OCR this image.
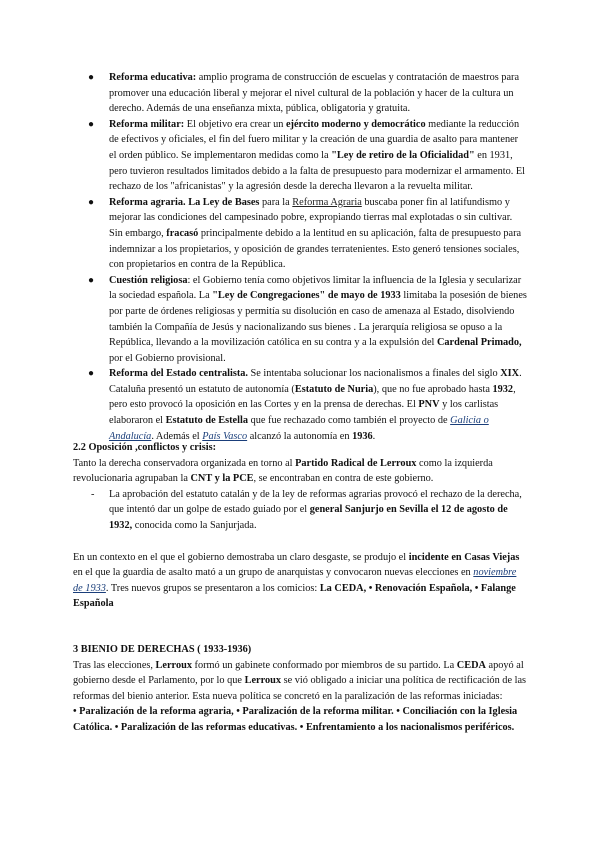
● Reforma educativa: amplio programa de construcción de escuelas y contratación de maestros para promover una educación liberal y mejorar el nivel cultural de la población y hacer de la cultura un derecho. Además de una enseñanza mixta, pública, obligatoria y gratuita.
● Reforma militar: El objetivo era crear un ejército moderno y democrático mediante la reducción de efectivos y oficiales, el fin del fuero militar y la creación de una guardia de asalto para mantener el orden público. Se implementaron medidas como la "Ley de retiro de la Oficialidad" en 1931, pero tuvieron resultados limitados debido a la falta de presupuesto para modernizar el armamento. El rechazo de los "africanistas" y la agresión desde la derecha llevaron a la revuelta militar.
● Reforma agraria. La Ley de Bases para la Reforma Agraria buscaba poner fin al latifundismo y mejorar las condiciones del campesinado pobre, expropiando tierras mal explotadas o sin cultivar. Sin embargo, fracasó principalmente debido a la lentitud en su aplicación, falta de presupuesto para indemnizar a los propietarios, y oposición de grandes terratenientes. Esto generó tensiones sociales, con propietarios en contra de la República.
● Cuestión religiosa: el Gobierno tenía como objetivos limitar la influencia de la Iglesia y secularizar la sociedad española. La "Ley de Congregaciones" de mayo de 1933 limitaba la posesión de bienes por parte de órdenes religiosas y permitía su disolución en caso de amenaza al Estado, disolviendo también la Compañía de Jesús y nacionalizando sus bienes . La jerarquía religiosa se opuso a la República, llevando a la movilización católica en su contra y a la expulsión del Cardenal Primado, por el Gobierno provisional.
● Reforma del Estado centralista. Se intentaba solucionar los nacionalismos a finales del siglo XIX. Cataluña presentó un estatuto de autonomía (Estatuto de Nuria), que no fue aprobado hasta 1932, pero esto provocó la oposición en las Cortes y en la prensa de derechas. El PNV y los carlistas elaboraron el Estatuto de Estella que fue rechazado como también el proyecto de Galicia o Andalucía. Además el País Vasco alcanzó la autonomía en 1936.

2.2 Oposición ,conflictos y crisis:

Tanto la derecha conservadora organizada en torno al Partido Radical de Lerroux como la izquierda revolucionaria agrupaban la CNT y la PCE, se encontraban en contra de este gobierno.

- La aprobación del estatuto catalán y de la ley de reformas agrarias provocó el rechazo de la derecha, que intentó dar un golpe de estado guiado por el general Sanjurjo en Sevilla el 12 de agosto de 1932, conocida como la Sanjurjada.

En un contexto en el que el gobierno demostraba un claro desgaste, se produjo el incidente en Casas Viejas en el que la guardia de asalto mató a un grupo de anarquistas y convocaron nuevas elecciones en noviembre de 1933. Tres nuevos grupos se presentaron a los comicios: La CEDA, • Renovación Española, • Falange Española

3 BIENIO DE DERECHAS ( 1933-1936)

Tras las elecciones, Lerroux formó un gabinete conformado por miembros de su partido. La CEDA apoyó al gobierno desde el Parlamento, por lo que Lerroux se vió obligado a iniciar una política de rectificación de las reformas del bienio anterior. Esta nueva política se concretó en la paralización de las reformas iniciadas:

• Paralización de la reforma agraria, • Paralización de la reforma militar. • Conciliación con la Iglesia Católica. • Paralización de las reformas educativas. • Enfrentamiento a los nacionalismos periféricos.
